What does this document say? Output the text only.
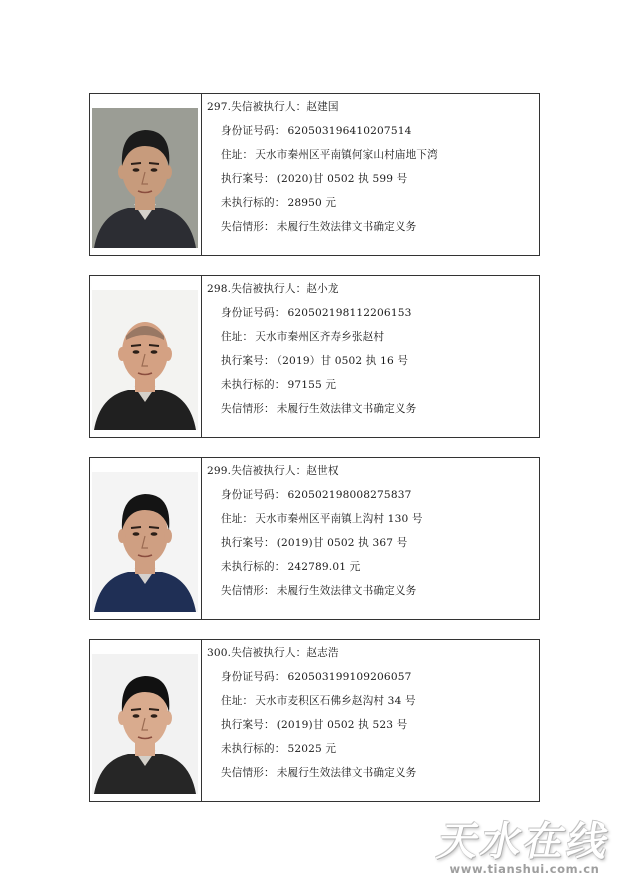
297.失信被执行人：赵建国
身份证号码： 620503196410207514
住址： 天水市秦州区平南镇何家山村庙地下湾
执行案号： (2020)甘 0502 执 599 号
未执行标的： 28950 元
失信情形： 未履行生效法律文书确定义务
298.失信被执行人：赵小龙
身份证号码： 620502198112206153
住址： 天水市秦州区齐寿乡张赵村
执行案号： （2019）甘 0502 执 16 号
未执行标的： 97155 元
失信情形： 未履行生效法律文书确定义务
299.失信被执行人：赵世权
身份证号码： 620502198008275837
住址： 天水市秦州区平南镇上沟村 130 号
执行案号： (2019)甘 0502 执 367 号
未执行标的： 242789.01 元
失信情形： 未履行生效法律文书确定义务
300.失信被执行人：赵志浩
身份证号码： 620503199109206057
住址： 天水市麦积区石佛乡赵沟村 34 号
执行案号： (2019)甘 0502 执 523 号
未执行标的： 52025 元
失信情形： 未履行生效法律文书确定义务
天水在线
www.tianshui.com.cn
